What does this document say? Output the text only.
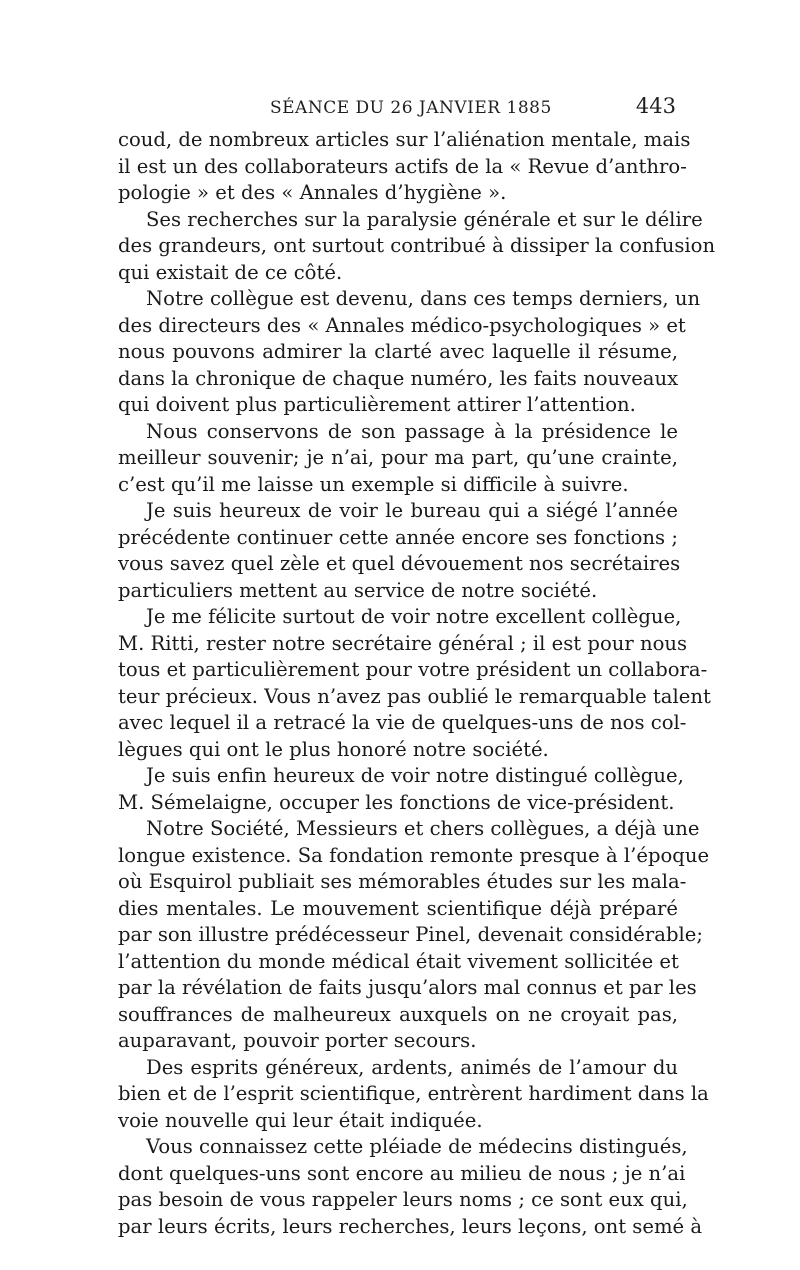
SÉANCE DU 26 JANVIER 1885	443
coud, de nombreux articles sur l’aliénation mentale, mais
il est un des collaborateurs actifs de la « Revue d’anthro-
pologie » et des « Annales d’hygiène ».
Ses recherches sur la paralysie générale et sur le délire
des grandeurs, ont surtout contribué à dissiper la confusion
qui existait de ce côté.
Notre collègue est devenu, dans ces temps derniers, un
des directeurs des « Annales médico-psychologiques » et
nous pouvons admirer la clarté avec laquelle il résume,
dans la chronique de chaque numéro, les faits nouveaux
qui doivent plus particulièrement attirer l’attention.
Nous conservons de son passage à la présidence le
meilleur souvenir; je n’ai, pour ma part, qu’une crainte,
c’est qu’il me laisse un exemple si difficile à suivre.
Je suis heureux de voir le bureau qui a siégé l’année
précédente continuer cette année encore ses fonctions ;
vous savez quel zèle et quel dévouement nos secrétaires
particuliers mettent au service de notre société.
Je me félicite surtout de voir notre excellent collègue,
M. Ritti, rester notre secrétaire général ; il est pour nous
tous et particulièrement pour votre président un collabora-
teur précieux. Vous n’avez pas oublié le remarquable talent
avec lequel il a retracé la vie de quelques-uns de nos col-
lègues qui ont le plus honoré notre société.
Je suis enfin heureux de voir notre distingué collègue,
M. Sémelaigne, occuper les fonctions de vice-président.
Notre Société, Messieurs et chers collègues, a déjà une
longue existence. Sa fondation remonte presque à l’époque
où Esquirol publiait ses mémorables études sur les mala-
dies mentales. Le mouvement scientifique déjà préparé
par son illustre prédécesseur Pinel, devenait considérable;
l’attention du monde médical était vivement sollicitée et
par la révélation de faits jusqu’alors mal connus et par les
souffrances de malheureux auxquels on ne croyait pas,
auparavant, pouvoir porter secours.
Des esprits généreux, ardents, animés de l’amour du
bien et de l’esprit scientifique, entrèrent hardiment dans la
voie nouvelle qui leur était indiquée.
Vous connaissez cette pléiade de médecins distingués,
dont quelques-uns sont encore au milieu de nous ; je n’ai
pas besoin de vous rappeler leurs noms ; ce sont eux qui,
par leurs écrits, leurs recherches, leurs leçons, ont semé à
